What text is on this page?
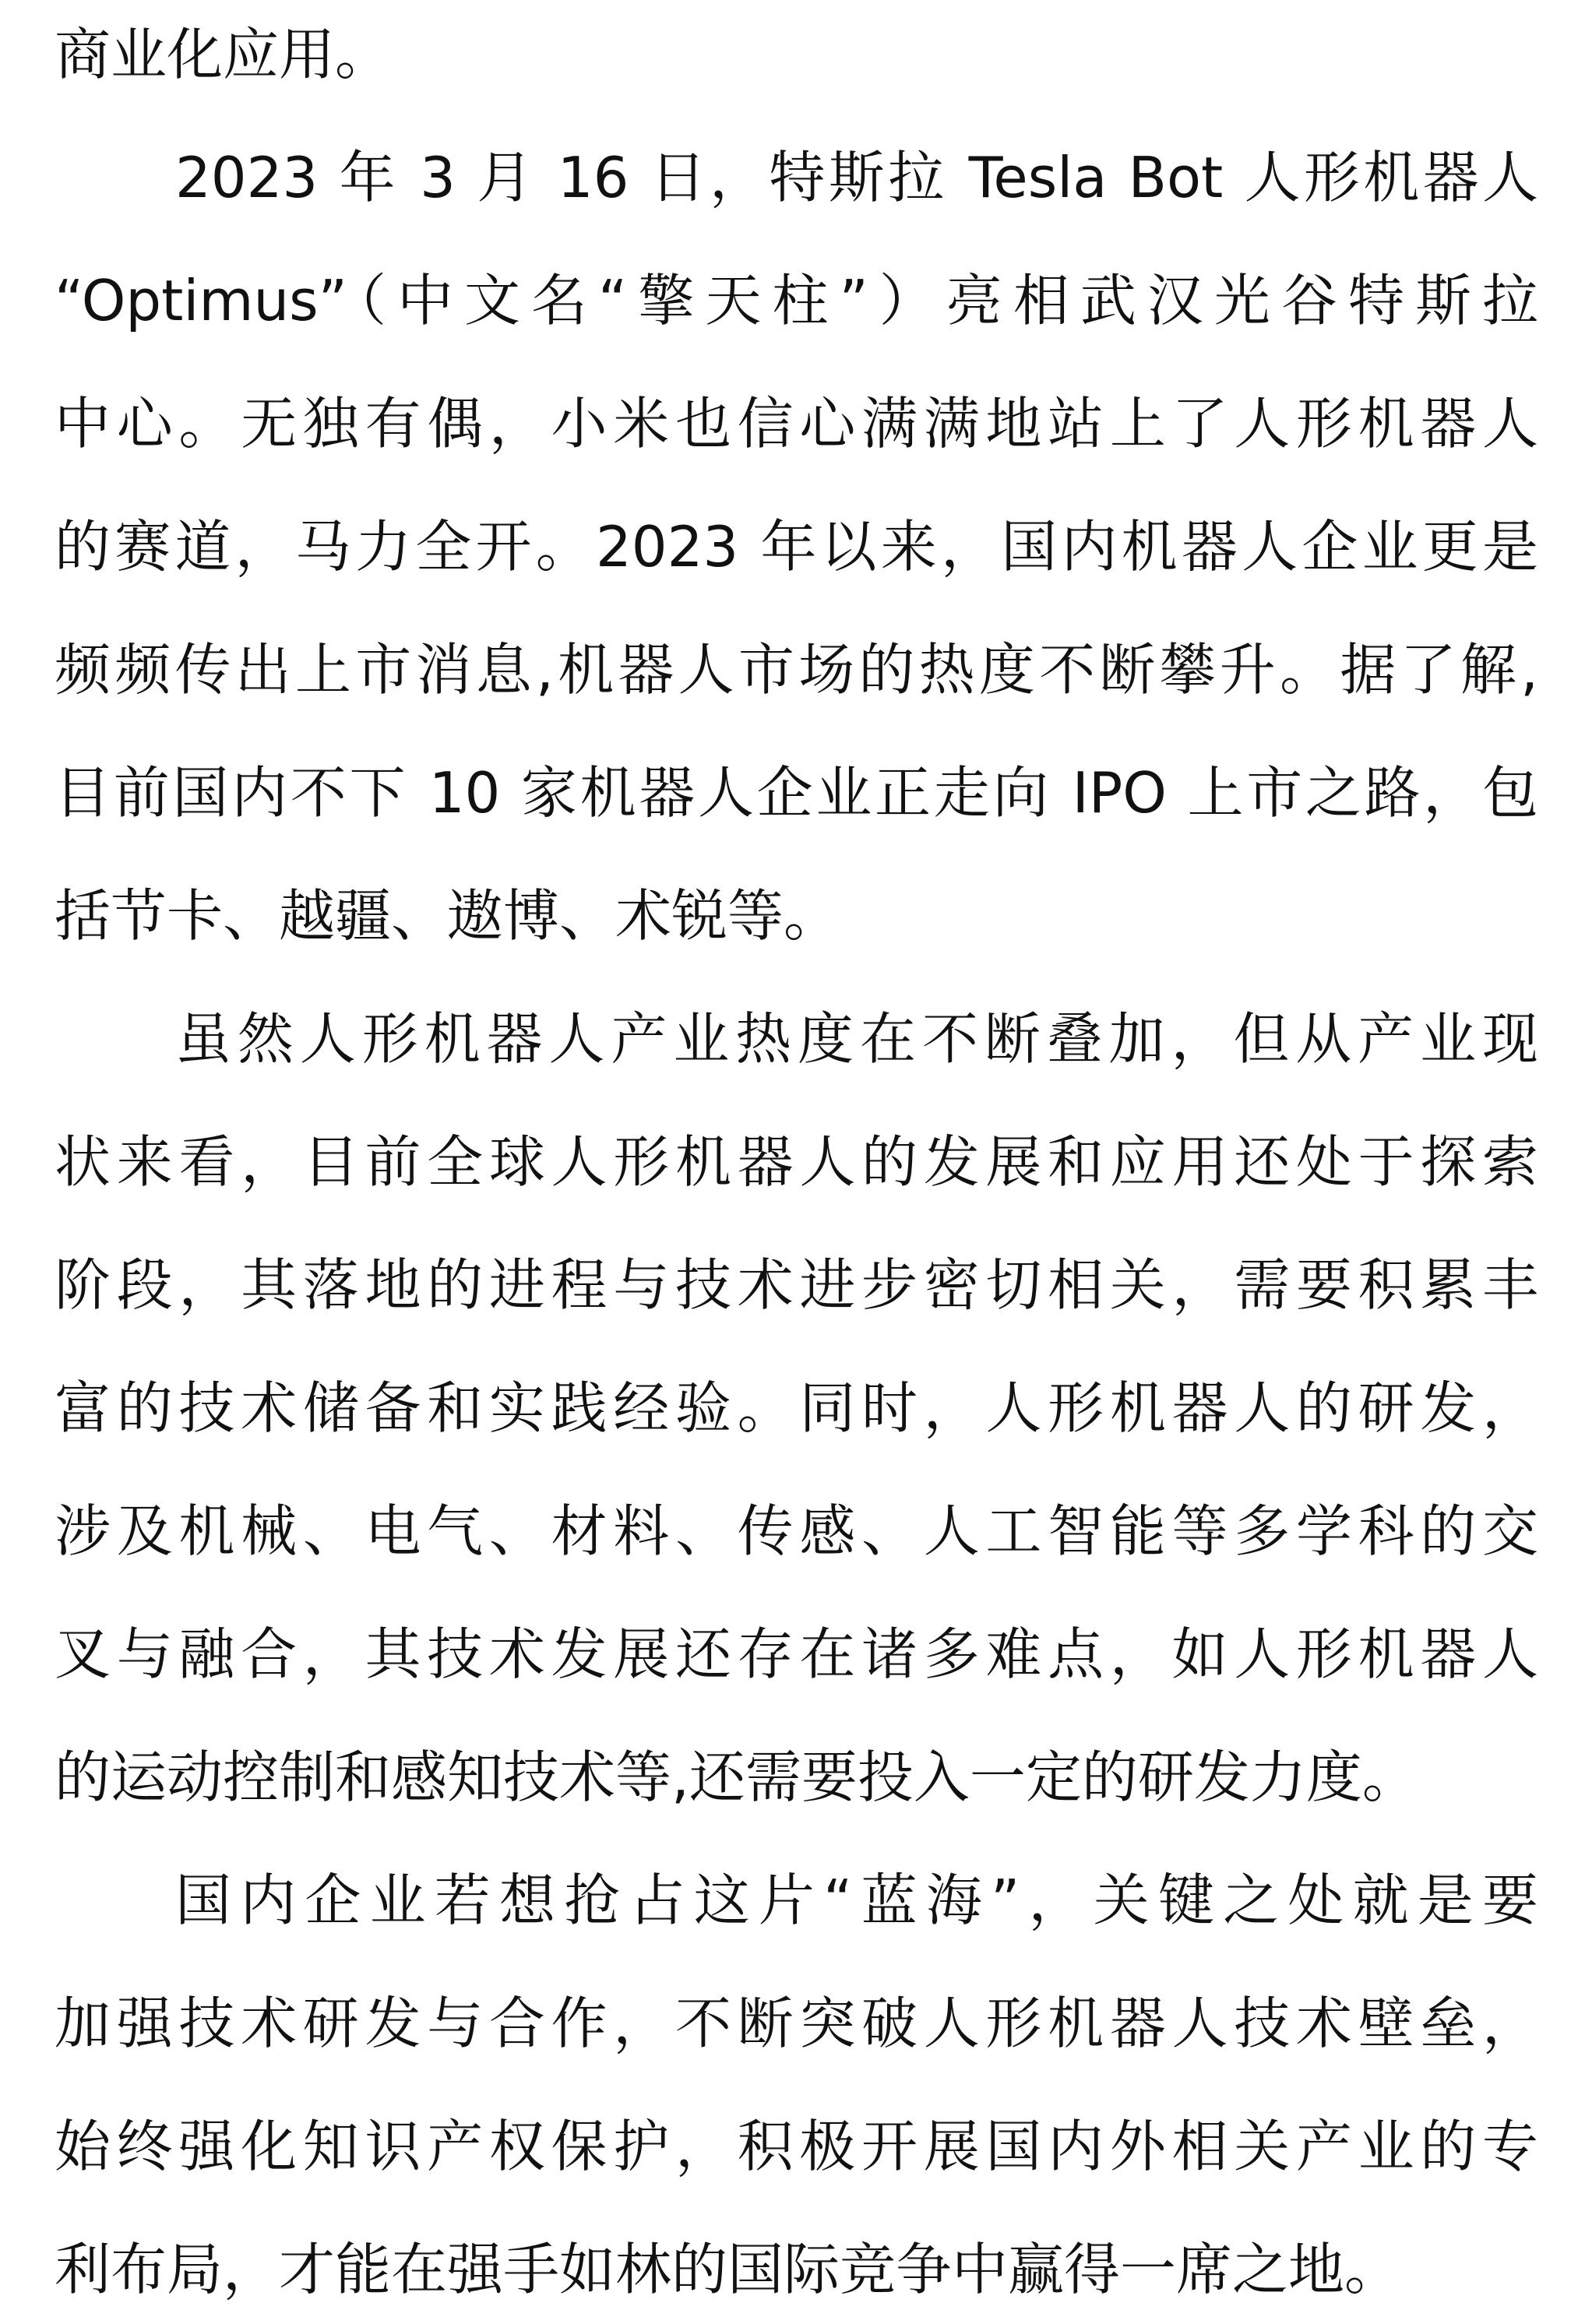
商业化应用。
2023 年 3 月 16 日，特斯拉 Tesla Bot 人形机器人
“Optimus”（中文名“擎天柱”）亮相武汉光谷特斯拉
中心。无独有偶，小米也信心满满地站上了人形机器人
的赛道，马力全开。2023 年以来，国内机器人企业更是
频频传出上市消息,机器人市场的热度不断攀升。据了解,
目前国内不下 10 家机器人企业正走向 IPO 上市之路，包
括节卡、越疆、遨博、术锐等。
虽然人形机器人产业热度在不断叠加，但从产业现
状来看，目前全球人形机器人的发展和应用还处于探索
阶段，其落地的进程与技术进步密切相关，需要积累丰
富的技术储备和实践经验。同时，人形机器人的研发，
涉及机械、电气、材料、传感、人工智能等多学科的交
叉与融合，其技术发展还存在诸多难点，如人形机器人
的运动控制和感知技术等,还需要投入一定的研发力度。
国内企业若想抢占这片“蓝海”，关键之处就是要
加强技术研发与合作，不断突破人形机器人技术壁垒，
始终强化知识产权保护，积极开展国内外相关产业的专
利布局，才能在强手如林的国际竞争中赢得一席之地。
